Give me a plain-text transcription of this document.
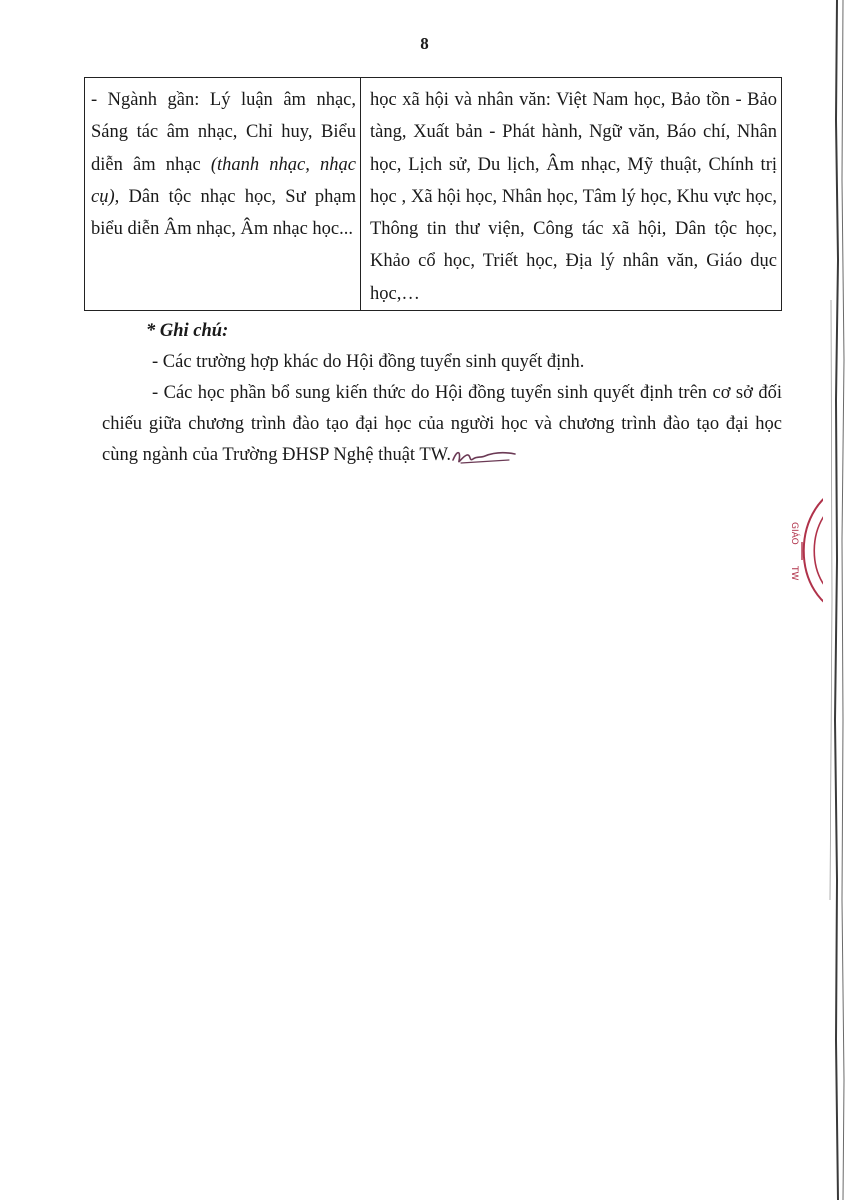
8

- Ngành gần: Lý luận âm nhạc, Sáng tác âm nhạc, Chỉ huy, Biểu diễn âm nhạc (thanh nhạc, nhạc cụ), Dân tộc nhạc học, Sư phạm biểu diễn Âm nhạc, Âm nhạc học...

học xã hội và nhân văn: Việt Nam học, Bảo tồn - Bảo tàng, Xuất bản - Phát hành, Ngữ văn, Báo chí, Nhân học, Lịch sử, Du lịch, Âm nhạc, Mỹ thuật, Chính trị học , Xã hội học, Nhân học, Tâm lý học, Khu vực học, Thông tin thư viện, Công tác xã hội, Dân tộc học, Khảo cổ học, Triết học, Địa lý nhân văn, Giáo dục học,…

* Ghi chú:

- Các trường hợp khác do Hội đồng tuyển sinh quyết định.

- Các học phần bổ sung kiến thức do Hội đồng tuyển sinh quyết định trên cơ sở đối chiếu giữa chương trình đào tạo đại học của người học và chương trình đào tạo đại học cùng ngành của Trường ĐHSP Nghệ thuật TW.

GIÁO
TW
